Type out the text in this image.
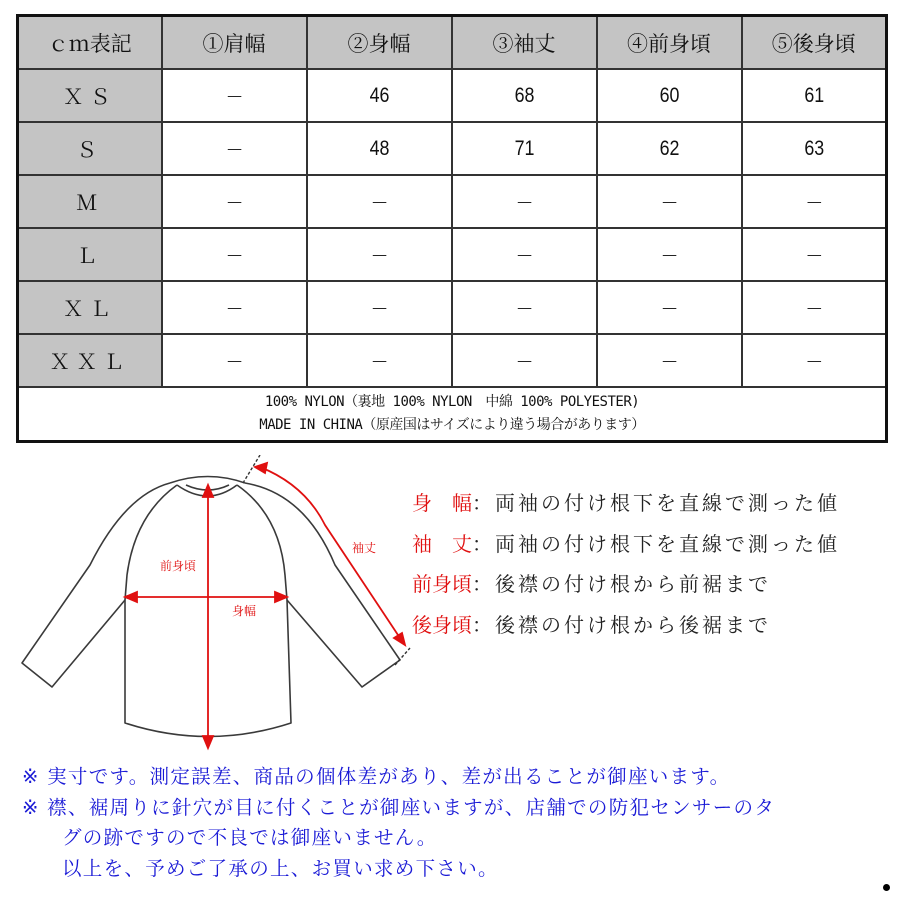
ｃｍ表記	①肩幅	②身幅	③袖丈	④前身頃	⑤後身頃
ＸＳ	－	46	68	60	61
Ｓ	－	48	71	62	63
Ｍ	－	－	－	－	－
Ｌ	－	－	－	－	－
ＸＬ	－	－	－	－	－
ＸＸＬ	－	－	－	－	－

100% NYLON（裏地 100% NYLON　中綿 100% POLYESTER)
MADE IN CHINA（原産国はサイズにより違う場合があります）					
前身頃
身幅
袖丈
身　幅：両袖の付け根下を直線で測った値
袖　丈：両袖の付け根下を直線で測った値
前身頃：後襟の付け根から前裾まで
後身頃：後襟の付け根から後裾まで
※ 実寸です。測定誤差、商品の個体差があり、差が出ることが御座います。
※ 襟、裾周りに針穴が目に付くことが御座いますが、店舗での防犯センサーのタ
グの跡ですので不良では御座いません。
以上を、予めご了承の上、お買い求め下さい。
